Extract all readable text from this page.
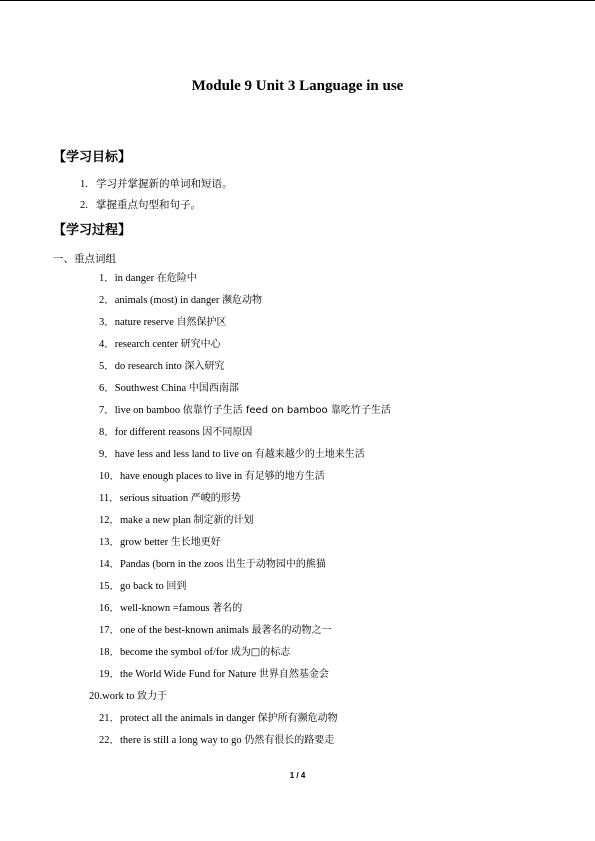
Module 9 Unit 3 Language in use
【学习目标】
1. 学习并掌握新的单词和短语。
2. 掌握重点句型和句子。
【学习过程】
一、重点词组
1．in danger 在危险中
2．animals (most) in danger 濒危动物
3．nature reserve 自然保护区
4．research center 研究中心
5．do research into 深入研究
6．Southwest China 中国西南部
7．live on bamboo 依靠竹子生活 feed on bamboo 靠吃竹子生活
8．for different reasons 因不同原因
9．have less and less land to live on 有越来越少的土地来生活
10．have enough places to live in 有足够的地方生活
11．serious situation 严峻的形势
12．make a new plan 制定新的计划
13．grow better 生长地更好
14．Pandas (born in the zoos 出生于动物园中的熊猫
15．go back to 回到
16．well-known =famous 著名的
17．one of the best-known animals 最著名的动物之一
18．become the symbol of/for 成为□的标志
19．the World Wide Fund for Nature 世界自然基金会
20.work to 致力于
21．protect all the animals in danger 保护所有濒危动物
22．there is still a long way to go 仍然有很长的路要走
1 / 4
